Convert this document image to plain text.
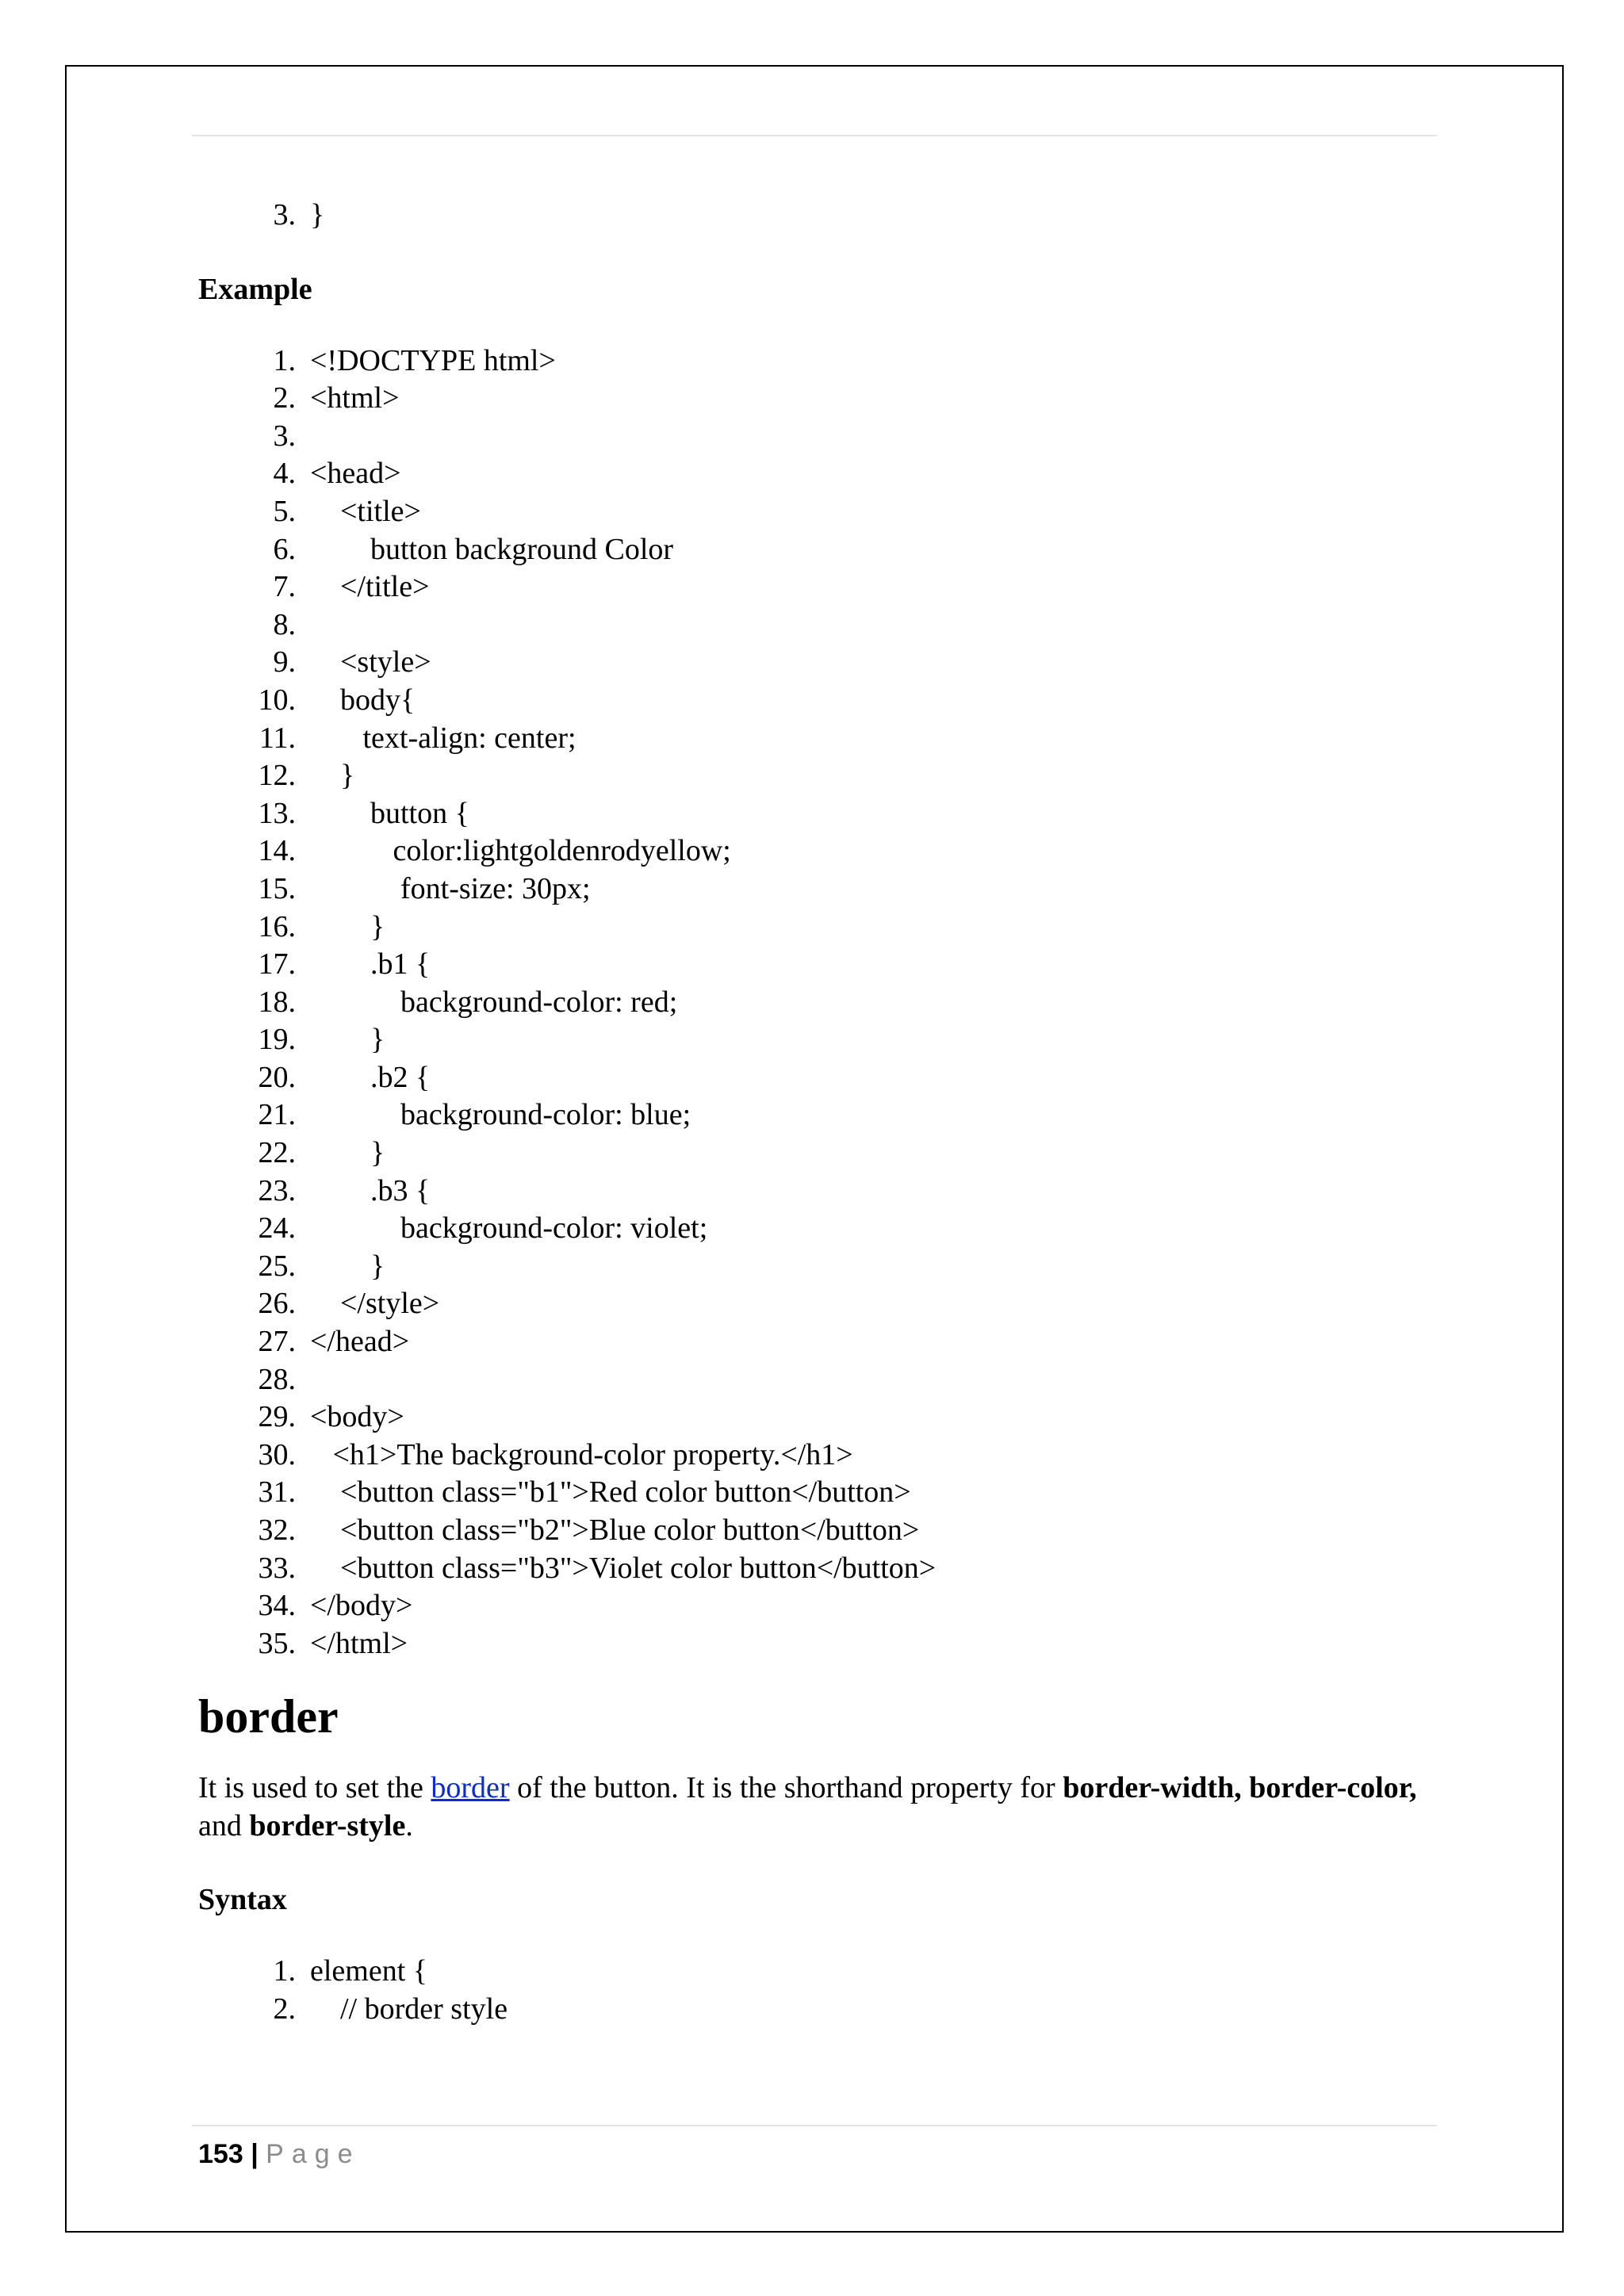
3. }

Example

1. <!DOCTYPE html>
2. <html>
3.
4. <head>
5. <title>
6. button background Color
7. </title>
8.
9. <style>
10. body{
11. text-align: center;
12. }
13. button {
14. color:lightgoldenrodyellow;
15. font-size: 30px;
16. }
17. .b1 {
18. background-color: red;
19. }
20. .b2 {
21. background-color: blue;
22. }
23. .b3 {
24. background-color: violet;
25. }
26. </style>
27. </head>
28.
29. <body>
30. <h1>The background-color property.</h1>
31. <button class="b1">Red color button</button>
32. <button class="b2">Blue color button</button>
33. <button class="b3">Violet color button</button>
34. </body>
35. </html>
border

It is used to set the border of the button. It is the shorthand property for border-width, border-color, and border-style.

Syntax

1. element {
2. // border style
153 | Page
